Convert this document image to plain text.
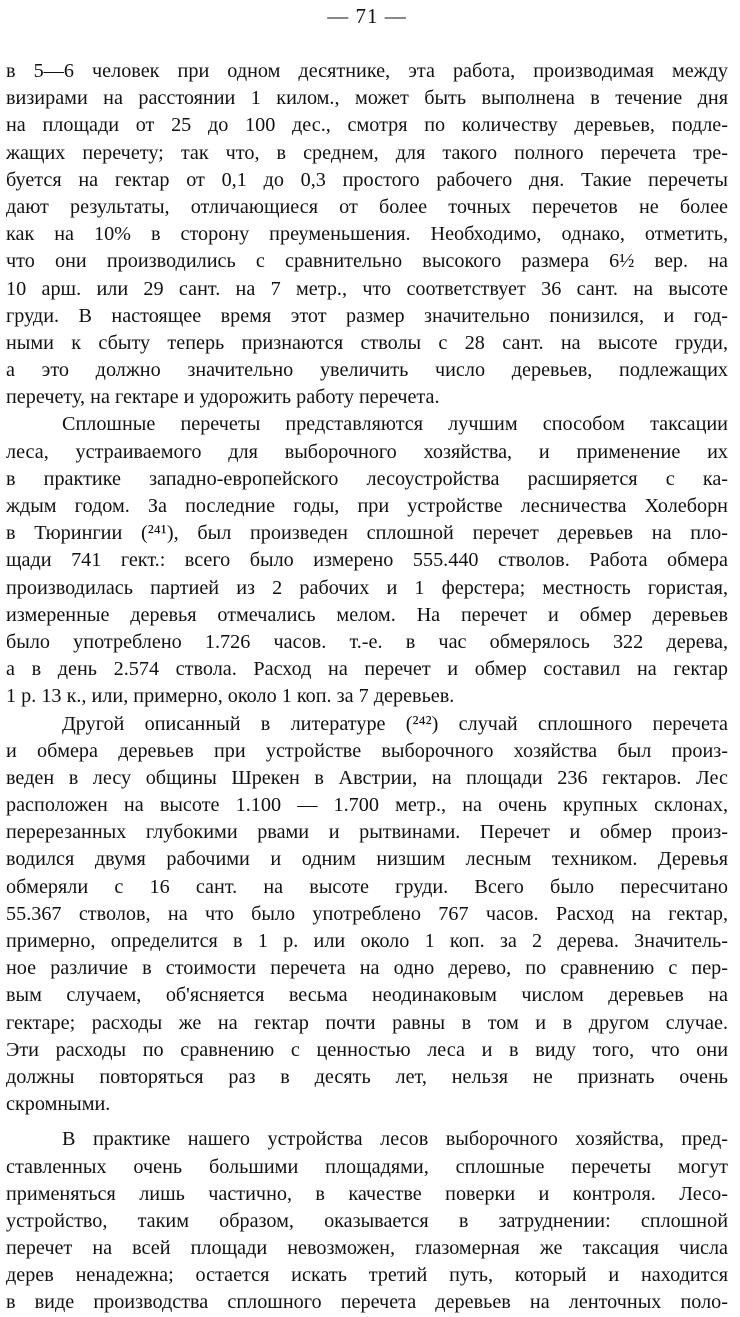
— 71 —
в 5—6 человек при одном десятнике, эта работа, производимая между
визирами на расстоянии 1 килом., может быть выполнена в течение дня
на площади от 25 до 100 дес., смотря по количеству деревьев, подле-
жащих перечету; так что, в среднем, для такого полного перечета тре-
буется на гектар от 0,1 до 0,3 простого рабочего дня. Такие перечеты
дают результаты, отличающиеся от более точных перечетов не более
как на 10% в сторону преуменьшения. Необходимо, однако, отметить,
что они производились с сравнительно высокого размера 6½ вер. на
10 арш. или 29 сант. на 7 метр., что соответствует 36 сант. на высоте
груди. В настоящее время этот размер значительно понизился, и год-
ными к сбыту теперь признаются стволы с 28 сант. на высоте груди,
а это должно значительно увеличить число деревьев, подлежащих
перечету, на гектаре и удорожить работу перечета.
Сплошные перечеты представляются лучшим способом таксации
леса, устраиваемого для выборочного хозяйства, и применение их
в практике западно-европейского лесоустройства расширяется с ка-
ждым годом. За последние годы, при устройстве лесничества Холеборн
в Тюрингии (²⁴¹), был произведен сплошной перечет деревьев на пло-
щади 741 гект.: всего было измерено 555.440 стволов. Работа обмера
производилась партией из 2 рабочих и 1 ферстера; местность гористая,
измеренные деревья отмечались мелом. На перечет и обмер деревьев
было употреблено 1.726 часов. т.-е. в час обмерялось 322 дерева,
а в день 2.574 ствола. Расход на перечет и обмер составил на гектар
1 р. 13 к., или, примерно, около 1 коп. за 7 деревьев.
Другой описанный в литературе (²⁴²) случай сплошного перечета
и обмера деревьев при устройстве выборочного хозяйства был произ-
веден в лесу общины Шрекен в Австрии, на площади 236 гектаров. Лес
расположен на высоте 1.100 — 1.700 метр., на очень крупных склонах,
перерезанных глубокими рвами и рытвинами. Перечет и обмер произ-
водился двумя рабочими и одним низшим лесным техником. Деревья
обмеряли с 16 сант. на высоте груди. Всего было пересчитано
55.367 стволов, на что было употреблено 767 часов. Расход на гектар,
примерно, определится в 1 р. или около 1 коп. за 2 дерева. Значитель-
ное различие в стоимости перечета на одно дерево, по сравнению с пер-
вым случаем, об'ясняется весьма неодинаковым числом деревьев на
гектаре; расходы же на гектар почти равны в том и в другом случае.
Эти расходы по сравнению с ценностью леса и в виду того, что они
должны повторяться раз в десять лет, нельзя не признать очень
скромными.
В практике нашего устройства лесов выборочного хозяйства, пред-
ставленных очень большими площадями, сплошные перечеты могут
применяться лишь частично, в качестве поверки и контроля. Лесо-
устройство, таким образом, оказывается в затруднении: сплошной
перечет на всей площади невозможен, глазомерная же таксация числа
дерев ненадежна; остается искать третий путь, который и находится
в виде производства сплошного перечета деревьев на ленточных поло-
